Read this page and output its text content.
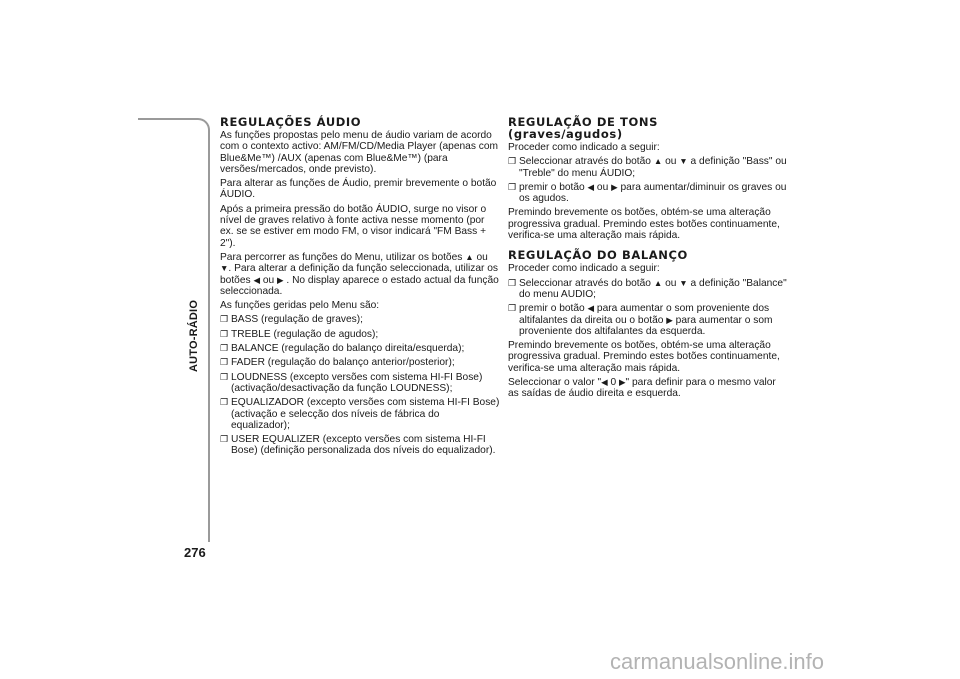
AUTO-RÁDIO
276
REGULAÇÕES ÁUDIO

As funções propostas pelo menu de áudio variam de acordo com o contexto activo: AM/FM/CD/Media Player (apenas com Blue&Me™) /AUX (apenas com Blue&Me™) (para versões/mercados, onde previsto).

Para alterar as funções de Áudio, premir brevemente o botão ÁUDIO.

Após a primeira pressão do botão ÁUDIO, surge no visor o nível de graves relativo à fonte activa nesse momento (por ex. se se estiver em modo FM, o visor indicará "FM Bass + 2").

Para percorrer as funções do Menu, utilizar os botões ▲ ou ▼. Para alterar a definição da função seleccionada, utilizar os botões ◀ ou ▶ . No display aparece o estado actual da função seleccionada.

As funções geridas pelo Menu são:

❐ BASS (regulação de graves);
❐ TREBLE (regulação de agudos);
❐ BALANCE (regulação do balanço direita/esquerda);
❐ FADER (regulação do balanço anterior/posterior);
❐ LOUDNESS (excepto versões com sistema HI-FI Bose) (activação/desactivação da função LOUDNESS);
❐ EQUALIZADOR (excepto versões com sistema HI-FI Bose) (activação e selecção dos níveis de fábrica do equalizador);
❐ USER EQUALIZER (excepto versões com sistema HI-FI Bose) (definição personalizada dos níveis do equalizador).
REGULAÇÃO DE TONS
(graves/agudos)

Proceder como indicado a seguir:

❐ Seleccionar através do botão ▲ ou ▼ a definição "Bass" ou "Treble" do menu ÁUDIO;
❐ premir o botão ◀ ou ▶ para aumentar/diminuir os graves ou os agudos.

Premindo brevemente os botões, obtém-se uma alteração progressiva gradual. Premindo estes botões continuamente, verifica-se uma alteração mais rápida.

REGULAÇÃO DO BALANÇO

Proceder como indicado a seguir:

❐ Seleccionar através do botão ▲ ou ▼ a definição "Balance" do menu AUDIO;
❐ premir o botão ◀ para aumentar o som proveniente dos altifalantes da direita ou o botão ▶ para aumentar o som proveniente dos altifalantes da esquerda.

Premindo brevemente os botões, obtém-se uma alteração progressiva gradual. Premindo estes botões continuamente, verifica-se uma alteração mais rápida.

Seleccionar o valor "◀ 0 ▶" para definir para o mesmo valor as saídas de áudio direita e esquerda.

carmanualsonline.info
